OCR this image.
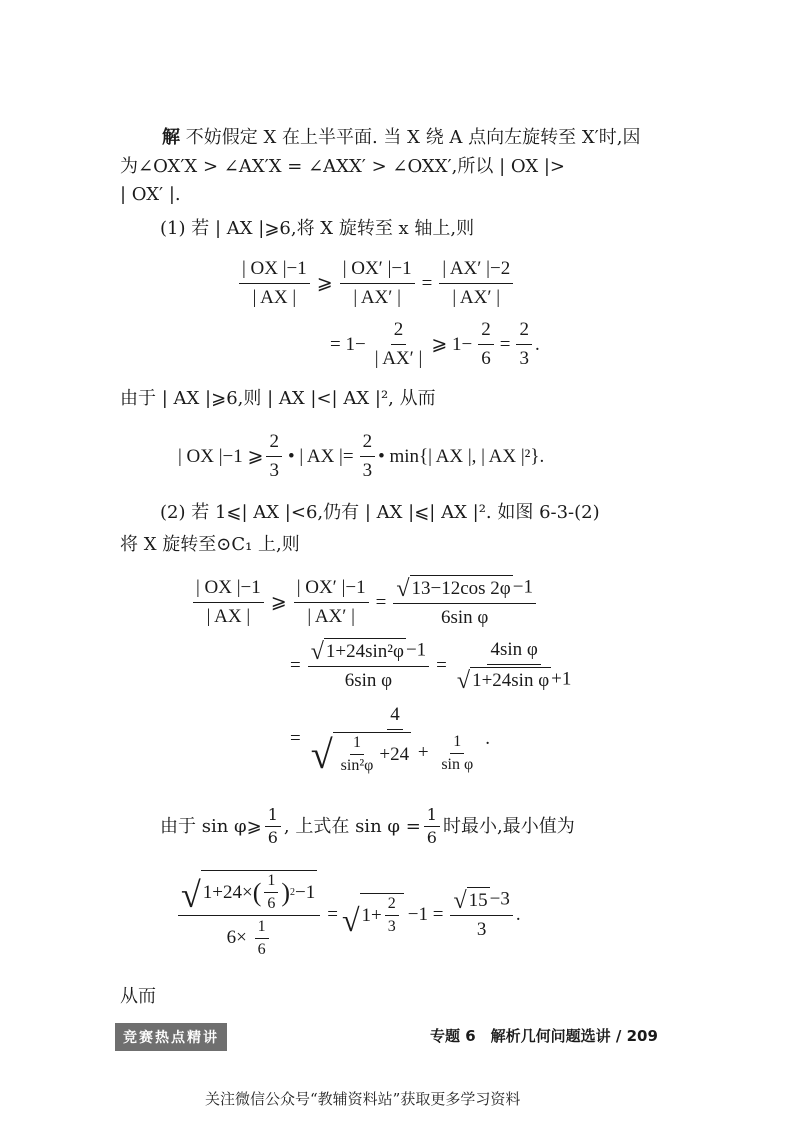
解 不妨假定 X 在上半平面. 当 X 绕 A 点向左旋转至 X′时,因
为∠OX′X > ∠AX′X = ∠AXX′ > ∠OXX′,所以 | OX |>
| OX′ |.
(1) 若 | AX |⩾6,将 X 旋转至 x 轴上,则
$\frac{| OX |-1}{| AX |}$ ⩾ $\frac{| OX' |-1}{| AX' |} = \frac{| AX' |-2}{| AX' |}$
= $1- \frac{2}{| AX' |}$ ⩾ $1- \frac{2}{6} = \frac{2}{3}$ .
由于 | AX |⩾6,则 | AX |<| AX |², 从而
| OX |−1 ⩾ $\frac{2}{3}$ • | AX |= $\frac{2}{3}$ • min{| AX |, | AX |²}.
(2) 若 1⩽| AX |<6,仍有 | AX |⩽| AX |². 如图 6-3-(2)
将 X 旋转至⊙C₁ 上,则
$\frac{| OX |-1}{| AX |}$ ⩾ $\frac{| OX' |-1}{| AX' |} = \frac{√ 13-12\cos 2\varphi -1}{\text{6sin φ}}$
= $\frac{\text{√ 1+24sin²φ −1}}{\text{6sin φ}} = \frac{\text{4sin φ}}{\text{√ 1+24sin φ +1}}$
=
4
√ $\frac{1}{\text{sin²φ}} +24 + \frac{1}{\text{sin φ}}$ .
由于 sin φ⩾ $\frac{1}{6}$ , 上式在 $\sin \varphi = \frac{1}{6}$ 时最小,最小值为
√ 1+24× ( $\frac{1}{6}$ ) 2 −1
$6\times \frac{1}{6}$
= √ $1+ \frac{2}{3} -1 = \frac{√ 15 -3}{3}$ .
从而
竞赛热点精讲	专题 6　解析几何问题选讲 / 209
关注微信公众号“教辅资料站”获取更多学习资料
